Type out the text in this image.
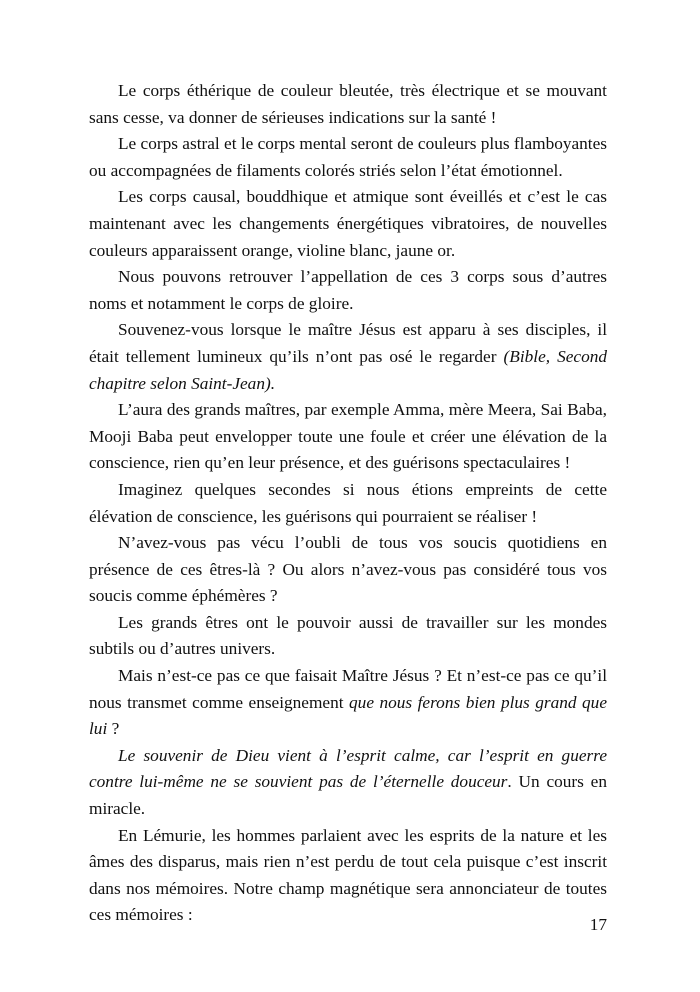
Le corps éthérique de couleur bleutée, très électrique et se mouvant sans cesse, va donner de sérieuses indications sur la santé !

Le corps astral et le corps mental seront de couleurs plus flamboyantes ou accompagnées de filaments colorés striés selon l’état émotionnel.

Les corps causal, bouddhique et atmique sont éveillés et c’est le cas maintenant avec les changements énergétiques vibratoires, de nouvelles couleurs apparaissent orange, violine blanc, jaune or.

Nous pouvons retrouver l’appellation de ces 3 corps sous d’autres noms et notamment le corps de gloire.

Souvenez-vous lorsque le maître Jésus est apparu à ses disciples, il était tellement lumineux qu’ils n’ont pas osé le regarder (Bible, Second chapitre selon Saint-Jean).

L’aura des grands maîtres, par exemple Amma, mère Meera, Sai Baba, Mooji Baba peut envelopper toute une foule et créer une élévation de la conscience, rien qu’en leur présence, et des guérisons spectaculaires !

Imaginez quelques secondes si nous étions empreints de cette élévation de conscience, les guérisons qui pourraient se réaliser !

N’avez-vous pas vécu l’oubli de tous vos soucis quotidiens en présence de ces êtres-là ? Ou alors n’avez-vous pas considéré tous vos soucis comme éphémères ?

Les grands êtres ont le pouvoir aussi de travailler sur les mondes subtils ou d’autres univers.

Mais n’est-ce pas ce que faisait Maître Jésus ? Et n’est-ce pas ce qu’il nous transmet comme enseignement que nous ferons bien plus grand que lui ?

Le souvenir de Dieu vient à l’esprit calme, car l’esprit en guerre contre lui-même ne se souvient pas de l’éternelle douceur. Un cours en miracle.

En Lémurie, les hommes parlaient avec les esprits de la nature et les âmes des disparus, mais rien n’est perdu de tout cela puisque c’est inscrit dans nos mémoires. Notre champ magnétique sera annonciateur de toutes ces mémoires :

17
